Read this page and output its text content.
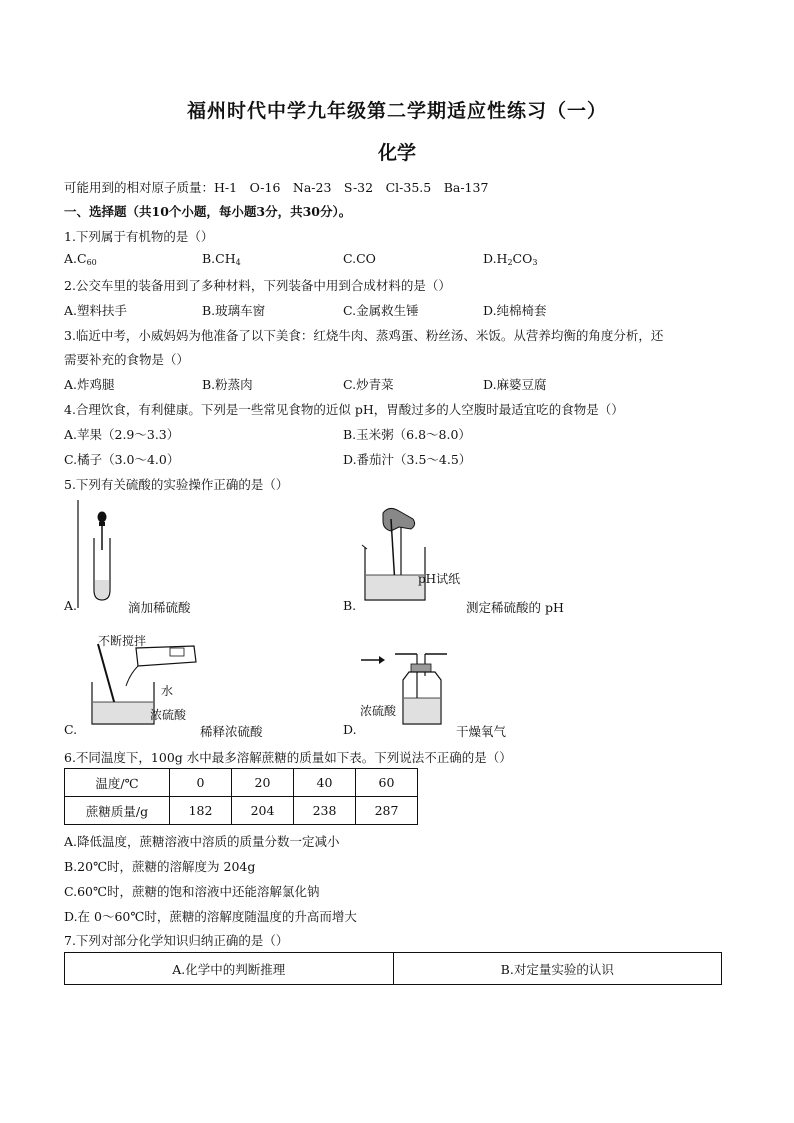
福州时代中学九年级第二学期适应性练习（一）
化学
可能用到的相对原子质量：H-1　O-16　Na-23　S-32　Cl-35.5　Ba-137
一、选择题（共10个小题，每小题3分，共30分）。
1.下列属于有机物的是（）
$A.C_{60}$	$B.CH_4$	C.CO	$D.H_2CO_3$
2.公交车里的装备用到了多种材料，下列装备中用到合成材料的是（）
A.塑料扶手	B.玻璃车窗	C.金属救生锤	D.纯棉椅套
3.临近中考，小威妈妈为他准备了以下美食：红烧牛肉、蒸鸡蛋、粉丝汤、米饭。从营养均衡的角度分析，还
需要补充的食物是（）
A.炸鸡腿	B.粉蒸肉	C.炒青菜	D.麻婆豆腐
4.合理饮食，有利健康。下列是一些常见食物的近似 pH，胃酸过多的人空腹时最适宜吃的食物是（）
A.苹果（2.9～3.3）	B.玉米粥（6.8～8.0）
C.橘子（3.0～4.0）	D.番茄汁（3.5～4.5）
5.下列有关硫酸的实验操作正确的是（）
A.	滴加稀硫酸
pH试纸
B.	测定稀硫酸的 pH
不断搅拌
水
浓硫酸
C.	稀释浓硫酸
浓硫酸
D.	干燥氧气
6.不同温度下，100g 水中最多溶解蔗糖的质量如下表。下列说法不正确的是（）
温度/℃	0	20	40	60
蔗糖质量/g	182	204	238	287
A.降低温度，蔗糖溶液中溶质的质量分数一定减小
B.20℃时，蔗糖的溶解度为 204g
C.60℃时，蔗糖的饱和溶液中还能溶解氯化钠
D.在 0～60℃时，蔗糖的溶解度随温度的升高而增大
7.下列对部分化学知识归纳正确的是（）
A.化学中的判断推理	B.对定量实验的认识
